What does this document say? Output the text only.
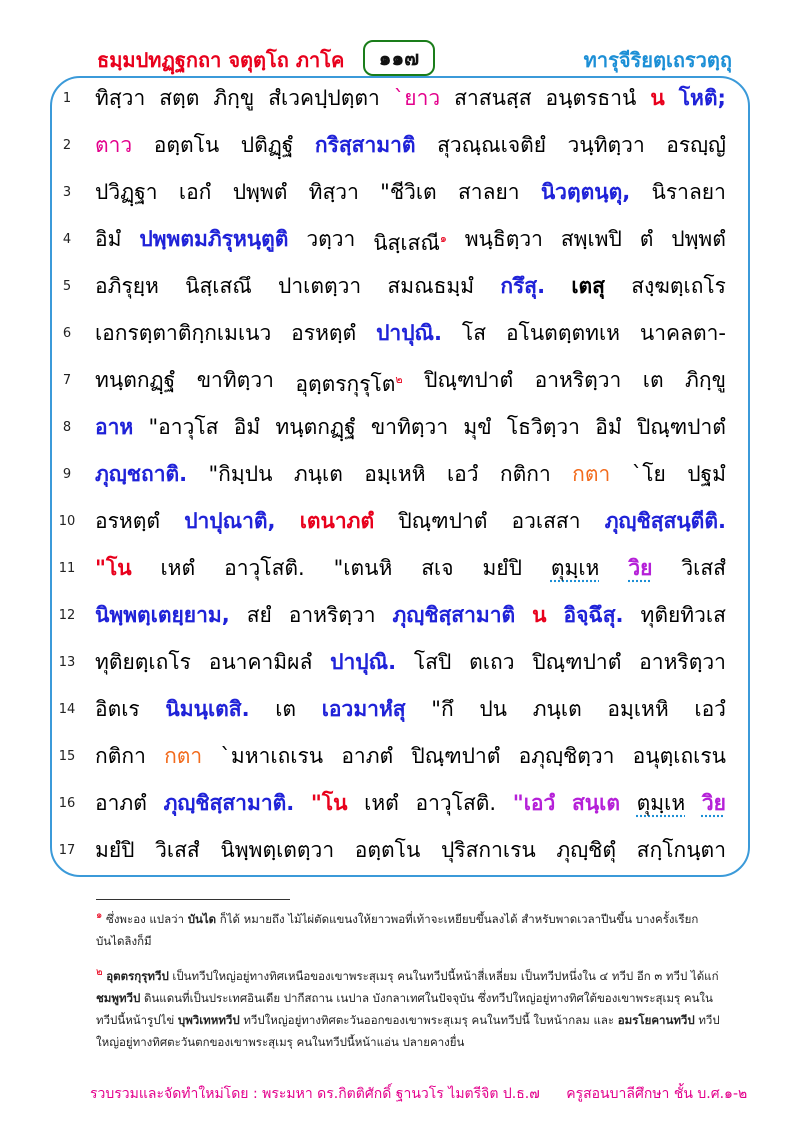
ธมฺมปทฏฺฐกถา จตุตฺโถ ภาโค	๑๑๗	ทารุจีริยตฺเถรวตฺถุ
1	ทิสฺวา สตฺต ภิกฺขู สํเวคปฺปตฺตา `ยาว สาสนสฺส อนฺตรธานํ น โหติ;
2	ตาว อตฺตโน ปติฏฺฐํ กริสฺสามาติ สุวณฺณเจติยํ วนฺทิตฺวา อรญฺญํ
3	ปวิฏฺฐา เอกํ ปพฺพตํ ทิสฺวา "ชีวิเต สาลยา นิวตฺตนฺตุ, นิราลยา
4	อิมํ ปพฺพตมภิรุหนฺตูติ วตฺวา นิสฺเสณี$^๑$ พนฺธิตฺวา สพฺเพปิ ตํ ปพฺพตํ
5	อภิรุยฺห นิสฺเสณึ ปาเตตฺวา สมณธมฺมํ กรึสุ. เตสุ สงฺฆตฺเถโร
6	เอกรตฺตาติกฺกเมเนว อรหตฺตํ ปาปุณิ. โส อโนตตฺตทเห นาคลตา-
7	ทนฺตกฏฺฐํ ขาทิตฺวา อุตฺตรกุรุโต$^๒$ ปิณฺฑปาตํ อาหริตฺวา เต ภิกฺขู
8	อาห "อาวุโส อิมํ ทนฺตกฏฺฐํ ขาทิตฺวา มุขํ โธวิตฺวา อิมํ ปิณฺฑปาตํ
9	ภุญฺชถาติ. "กิมฺปน ภนฺเต อมฺเหหิ เอวํ กติกา กตา `โย ปฐมํ
10 อรหตฺตํ ปาปุณาติ, เตนาภตํ ปิณฺฑปาตํ อวเสสา ภุญฺชิสฺสนฺตีติ.
11 "โน เหตํ อาวุโสติ. "เตนหิ สเจ มยํปิ ตุมฺเห วิย วิเสสํ
12 นิพฺพตฺเตยฺยาม, สยํ อาหริตฺวา ภุญฺชิสฺสามาติ น อิจฺฉึสุ. ทุติยทิวเส
13 ทุติยตฺเถโร อนาคามิผลํ ปาปุณิ. โสปิ ตเถว ปิณฺฑปาตํ อาหริตฺวา
14 อิตเร นิมนฺเตสิ. เต เอวมาหํสุ "กึ ปน ภนฺเต อมฺเหหิ เอวํ
15 กติกา กตา `มหาเถเรน อาภตํ ปิณฺฑปาตํ อภุญฺชิตฺวา อนุตฺเถเรน
16 อาภตํ ภุญฺชิสฺสามาติ. "โน เหตํ อาวุโสติ. "เอวํ สนฺเต ตุมฺเห วิย
17 มยํปิ วิเสสํ นิพฺพตฺเตตฺวา อตฺตโน ปุริสกาเรน ภุญฺชิตุํ สกฺโกนฺตา
๑ ซึ่งพะอง แปลว่า บันได ก็ได้ หมายถึง ไม้ไผ่ตัดแขนงให้ยาวพอที่เท้าจะเหยียบขึ้นลงได้ สำหรับพาดเวลาปีนขึ้น บางครั้งเรียก บันไดลิงก็มี
๒ อุตตรกุรุทวีป เป็นทวีปใหญ่อยู่ทางทิศเหนือของเขาพระสุเมรุ คนในทวีปนี้หน้าสี่เหลี่ยม เป็นทวีปหนึ่งใน ๔ ทวีป อีก ๓ ทวีป ได้แก่ ชมพูทวีป ดินแดนที่เป็นประเทศอินเดีย ปากีสถาน เนปาล บังกลาเทศในปัจจุบัน ซึ่งทวีปใหญ่อยู่ทางทิศใต้ของเขาพระสุเมรุ คนในทวีปนี้หน้ารูปไข่ บุพวิเทหทวีป ทวีปใหญ่อยู่ทางทิศตะวันออกของเขาพระสุเมรุ คนในทวีปนี้ ใบหน้ากลม และ อมรโยคานทวีป ทวีปใหญ่อยู่ทางทิศตะวันตกของเขาพระสุเมรุ คนในทวีปนี้หน้าแอ่น ปลายคางยื่น
รวบรวมและจัดทำใหม่โดย : พระมหา ดร.กิตติศักดิ์ ฐานวโร ไมตรีจิต ป.ธ.๗ ครูสอนบาลีศึกษา ชั้น บ.ศ.๑-๒
